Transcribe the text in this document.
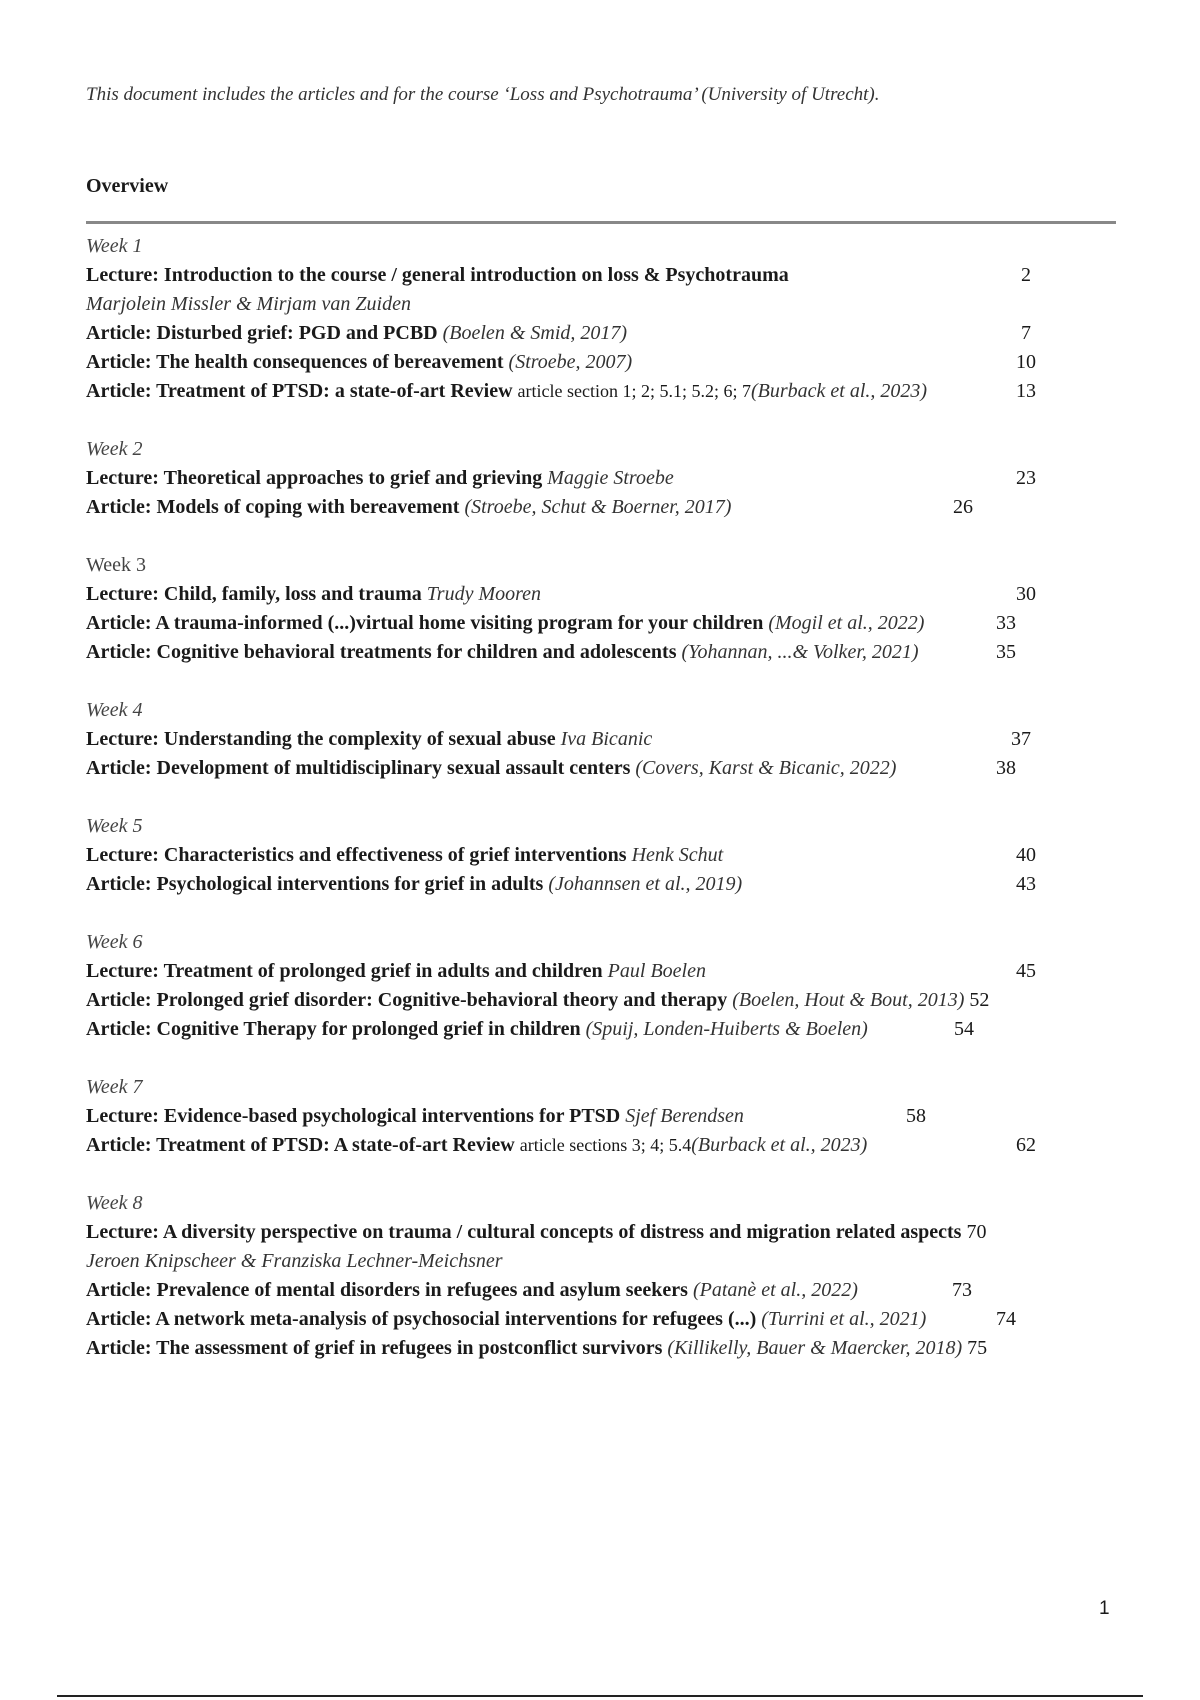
This document includes the articles and for the course ‘Loss and Psychotrauma’ (University of Utrecht).
Overview
Week 1
Lecture: Introduction to the course / general introduction on loss & Psychotrauma	2
Marjolein Missler & Mirjam van Zuiden
Article: Disturbed grief: PGD and PCBD (Boelen & Smid, 2017)	7
Article: The health consequences of bereavement (Stroebe, 2007)	10
Article: Treatment of PTSD: a state-of-art Review article section 1; 2; 5.1; 5.2; 6; 7(Burback et al., 2023)	13
Week 2
Lecture: Theoretical approaches to grief and grieving Maggie Stroebe	23
Article: Models of coping with bereavement (Stroebe, Schut & Boerner, 2017)	26
Week 3
Lecture: Child, family, loss and trauma Trudy Mooren	30
Article: A trauma-informed (...)virtual home visiting program for your children (Mogil et al., 2022)	33
Article: Cognitive behavioral treatments for children and adolescents (Yohannan, ...& Volker, 2021)	35
Week 4
Lecture: Understanding the complexity of sexual abuse Iva Bicanic	37
Article: Development of multidisciplinary sexual assault centers (Covers, Karst & Bicanic, 2022)	38
Week 5
Lecture: Characteristics and effectiveness of grief interventions Henk Schut	40
Article: Psychological interventions for grief in adults (Johannsen et al., 2019)	43
Week 6
Lecture: Treatment of prolonged grief in adults and children Paul Boelen	45
Article: Prolonged grief disorder: Cognitive-behavioral theory and therapy (Boelen, Hout & Bout, 2013) 52
Article: Cognitive Therapy for prolonged grief in children (Spuij, Londen-Huiberts & Boelen)	54
Week 7
Lecture: Evidence-based psychological interventions for PTSD Sjef Berendsen	58
Article: Treatment of PTSD: A state-of-art Review article sections 3; 4; 5.4(Burback et al., 2023)	62
Week 8
Lecture: A diversity perspective on trauma / cultural concepts of distress and migration related aspects 70
Jeroen Knipscheer & Franziska Lechner-Meichsner
Article: Prevalence of mental disorders in refugees and asylum seekers (Patanè et al., 2022)	73
Article: A network meta-analysis of psychosocial interventions for refugees (...) (Turrini et al., 2021)	74
Article: The assessment of grief in refugees in postconflict survivors (Killikelly, Bauer & Maercker, 2018) 75
1
